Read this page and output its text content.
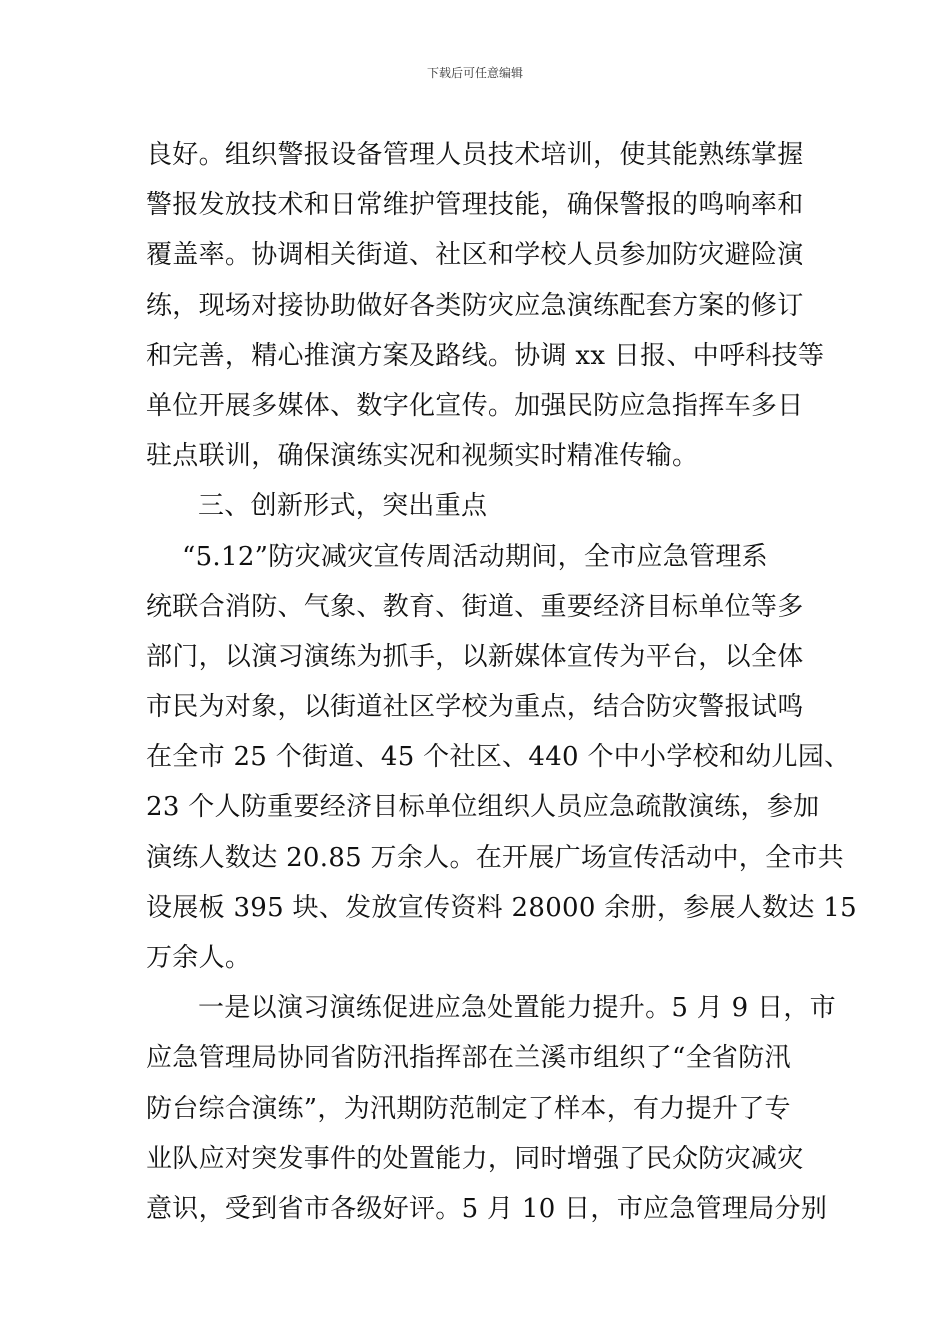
下载后可任意编辑
良好。组织警报设备管理人员技术培训，使其能熟练掌握
警报发放技术和日常维护管理技能，确保警报的鸣响率和
覆盖率。协调相关街道、社区和学校人员参加防灾避险演
练，现场对接协助做好各类防灾应急演练配套方案的修订
和完善，精心推演方案及路线。协调 xx 日报、中呼科技等
单位开展多媒体、数字化宣传。加强民防应急指挥车多日
驻点联训，确保演练实况和视频实时精准传输。
三、创新形式，突出重点
“5.12”防灾减灾宣传周活动期间，全市应急管理系
统联合消防、气象、教育、街道、重要经济目标单位等多
部门，以演习演练为抓手，以新媒体宣传为平台，以全体
市民为对象，以街道社区学校为重点，结合防灾警报试鸣
在全市 25 个街道、45 个社区、440 个中小学校和幼儿园、
23 个人防重要经济目标单位组织人员应急疏散演练，参加
演练人数达 20.85 万余人。在开展广场宣传活动中，全市共
设展板 395 块、发放宣传资料 28000 余册，参展人数达 15
万余人。
一是以演习演练促进应急处置能力提升。5 月 9 日，市
应急管理局协同省防汛指挥部在兰溪市组织了“全省防汛
防台综合演练”，为汛期防范制定了样本，有力提升了专
业队应对突发事件的处置能力，同时增强了民众防灾减灾
意识，受到省市各级好评。5 月 10 日，市应急管理局分别
